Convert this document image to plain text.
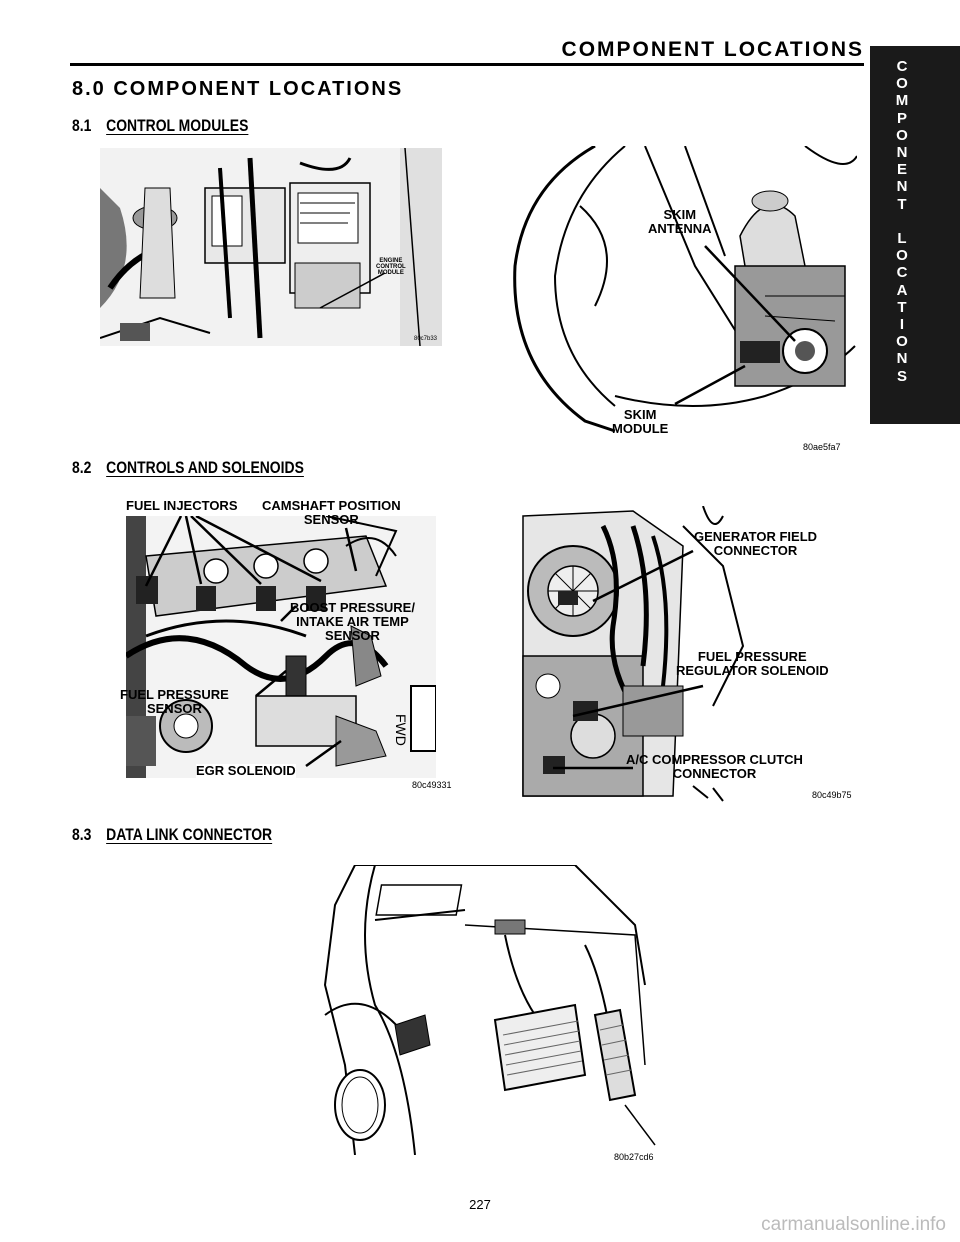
COMPONENT LOCATIONS
C
O
M
P
O
N
E
N
T

L
O
C
A
T
I
O
N
S
8.0 COMPONENT LOCATIONS
8.1 CONTROL MODULES
ENGINE
CONTROL
MODULE
80c7b33
SKIM
ANTENNA
SKIM
MODULE
80ae5fa7
8.2 CONTROLS AND SOLENOIDS
FUEL INJECTORS CAMSHAFT POSITION
SENSOR
BOOST PRESSURE/
INTAKE AIR TEMP
SENSOR
FUEL PRESSURE
SENSOR
EGR SOLENOID
FWD
80c49331
GENERATOR FIELD
CONNECTOR
FUEL PRESSURE
REGULATOR SOLENOID
A/C COMPRESSOR CLUTCH
CONNECTOR
80c49b75
8.3 DATA LINK CONNECTOR
80b27cd6
227
carmanualsonline.info
